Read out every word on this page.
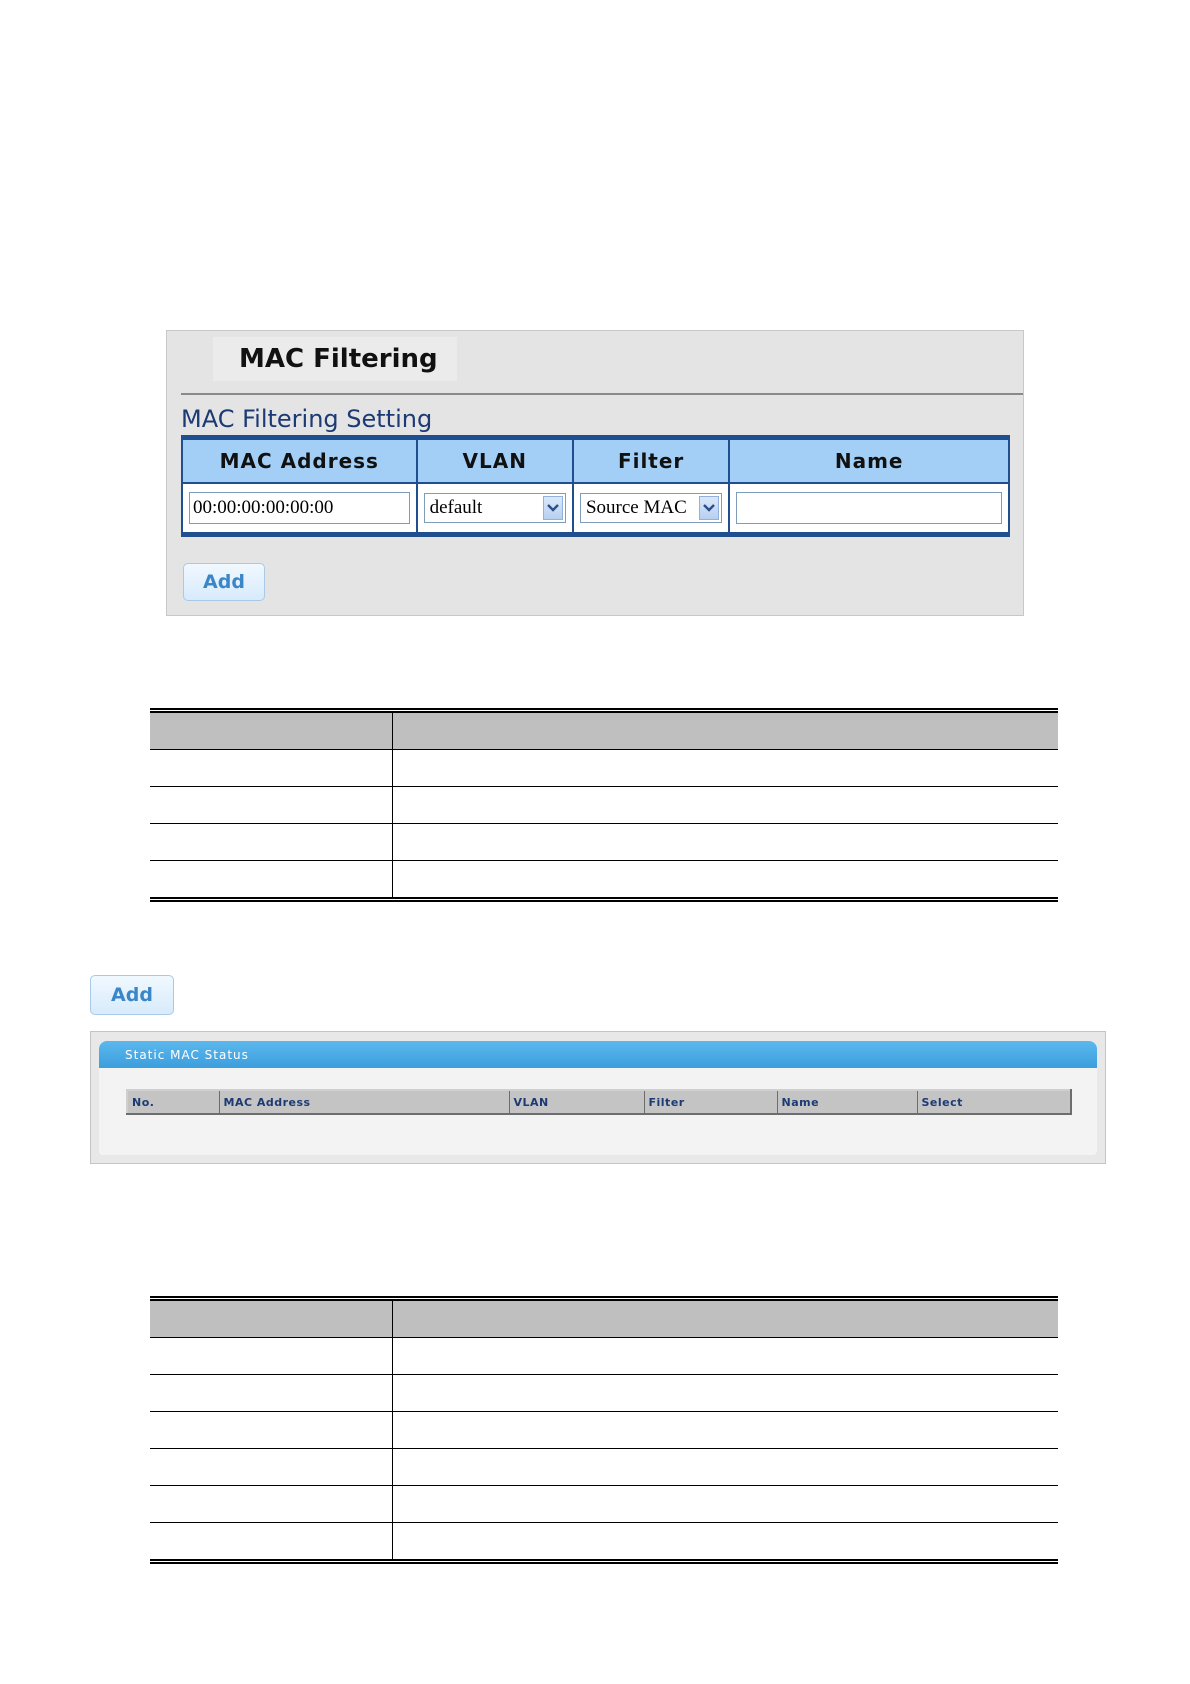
MAC Filtering
MAC Filtering Setting
MAC Address	VLAN	Filter	Name

00:00:00:00:00:00	default	Source MAC	

Add

Add
Static MAC Status
No.	MAC Address	VLAN	Filter	Name	Select
